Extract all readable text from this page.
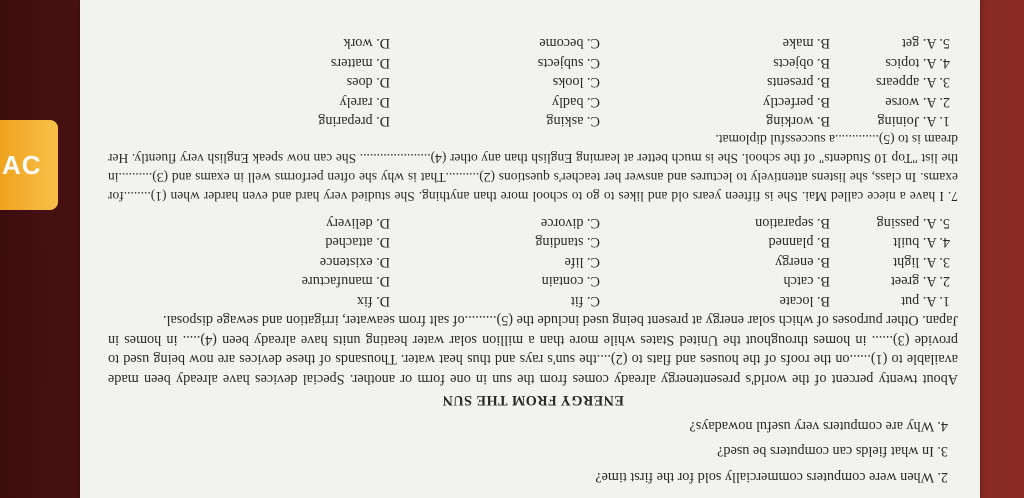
AC
2. When were computers commercially sold for the first time?
3. In what fields can computers be used?
4. Why are computers very useful nowadays?
ENERGY FROM THE SUN

About twenty percent of the world's presentenergy already comes from the sun in one form or another. Special devices have already been made available to (1)......on the roofs of the houses and flats to (2)....the sun's rays and thus heat water. Thousands of these devices are now being used to provide (3)...... in homes throughout the United States while more than a million solar water heating units have already been (4)..... in homes in Japan. Other purposes of which solar energy at present being used include the (5).........of salt from seawater, irrigation and sewage disposal.

1. A. put
B. locate
C. fit
D. fix
2. A. greet
B. catch
C. contain
D. manufacture
3. A. light
B. energy
C. life
D. existence
4. A. built
B. planned
C. standing
D. attached
5. A. passing
B. separation
C. divorce
D. delivery

7. I have a niece called Mai. She is fifteen years old and likes to go to school more than anything. She studied very hard and even harder when (1)........for exams. In class, she listens attentively to lectures and answer her teacher's questions (2)..........That is why she often performs well in exams and (3)..........in the list "Top 10 Students" of the school. She is much better at learning English than any other (4)..................... She can now speak English very fluently. Her dream is to (5).............a successful diplomat.

1. A. Joining
B. working
C. asking
D. preparing
2. A. worse
B. perfectly
C. badly
D. rarely
3. A. appears
B. presents
C. looks
D. does
4. A. topics
B. objects
C. subjects
D. matters
5. A. get
B. make
C. become
D. work
